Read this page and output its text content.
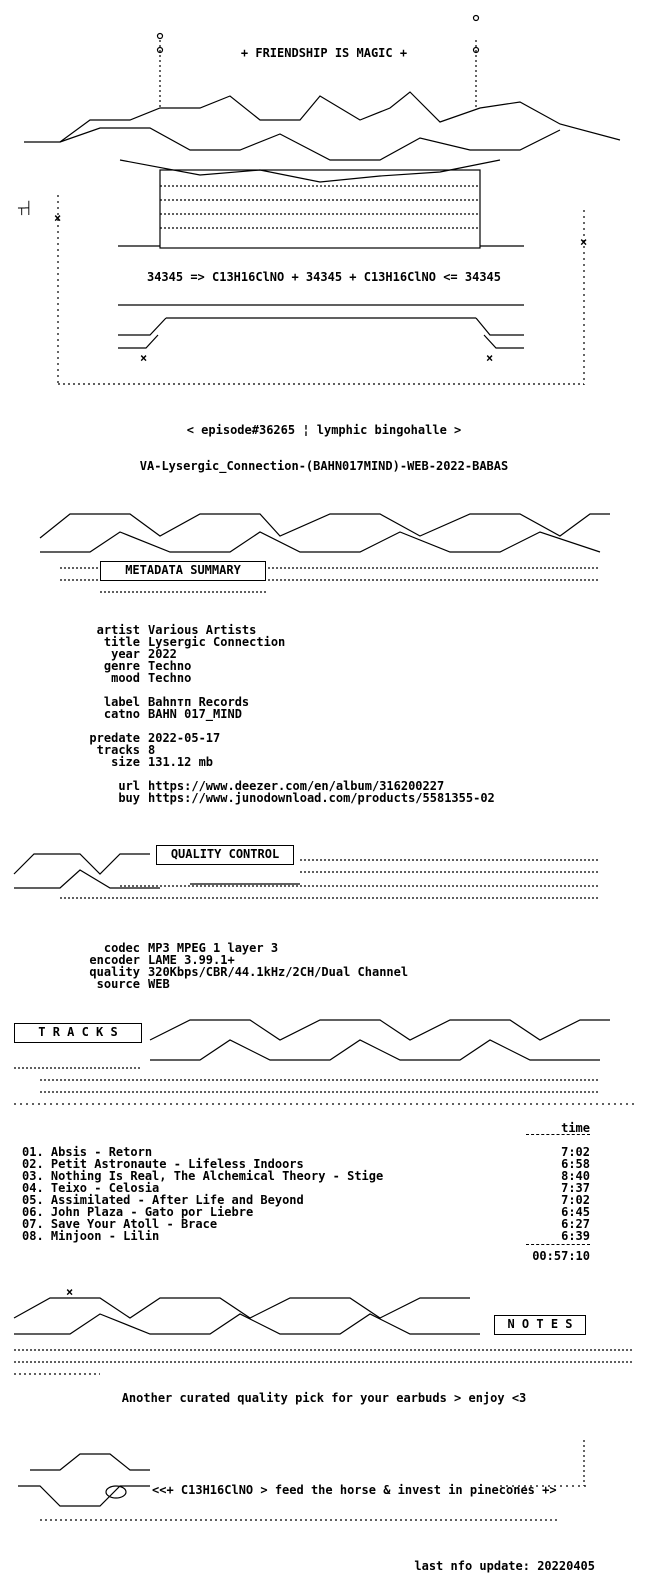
×
×
×	×
┬┤
+ FRIENDSHIP IS MAGIC +
34345 => C13H16ClNO + 34345 + C13H16ClNO <= 34345
< episode#36265 ¦ lymphic bingohalle >
VA-Lysergic_Connection-(BAHN017MIND)-WEB-2022-BABAS
METADATA SUMMARY
artist Various Artists
title Lysergic Connection
year 2022
genre Techno
mood Techno
label Bahnтп Records
catno BAHN 017_MIND
predate 2022-05-17
tracks 8
size 131.12 mb
url https://www.deezer.com/en/album/316200227
buy https://www.junodownload.com/products/5581355-02
QUALITY CONTROL
codec MP3 MPEG 1 layer 3
encoder LAME 3.99.1+
quality 320Kbps/CBR/44.1kHz/2CH/Dual Channel
source WEB
T R A C K S
time
01. Absis - Retorn	7:02
02. Petit Astronaute - Lifeless Indoors	6:58
03. Nothing Is Real, The Alchemical Theory - Stige	8:40
04. Teixo - Celosia	7:37
05. Assimilated - After Life and Beyond	7:02
06. John Plaza - Gato por Liebre	6:45
07. Save Your Atoll - Brace	6:27
08. Minjoon - Lilin	6:39
00:57:10
×
N O T E S
Another curated quality pick for your earbuds > enjoy <3
<<+ C13H16ClNO > feed the horse & invest in pinecones +>
last nfo update: 20220405
